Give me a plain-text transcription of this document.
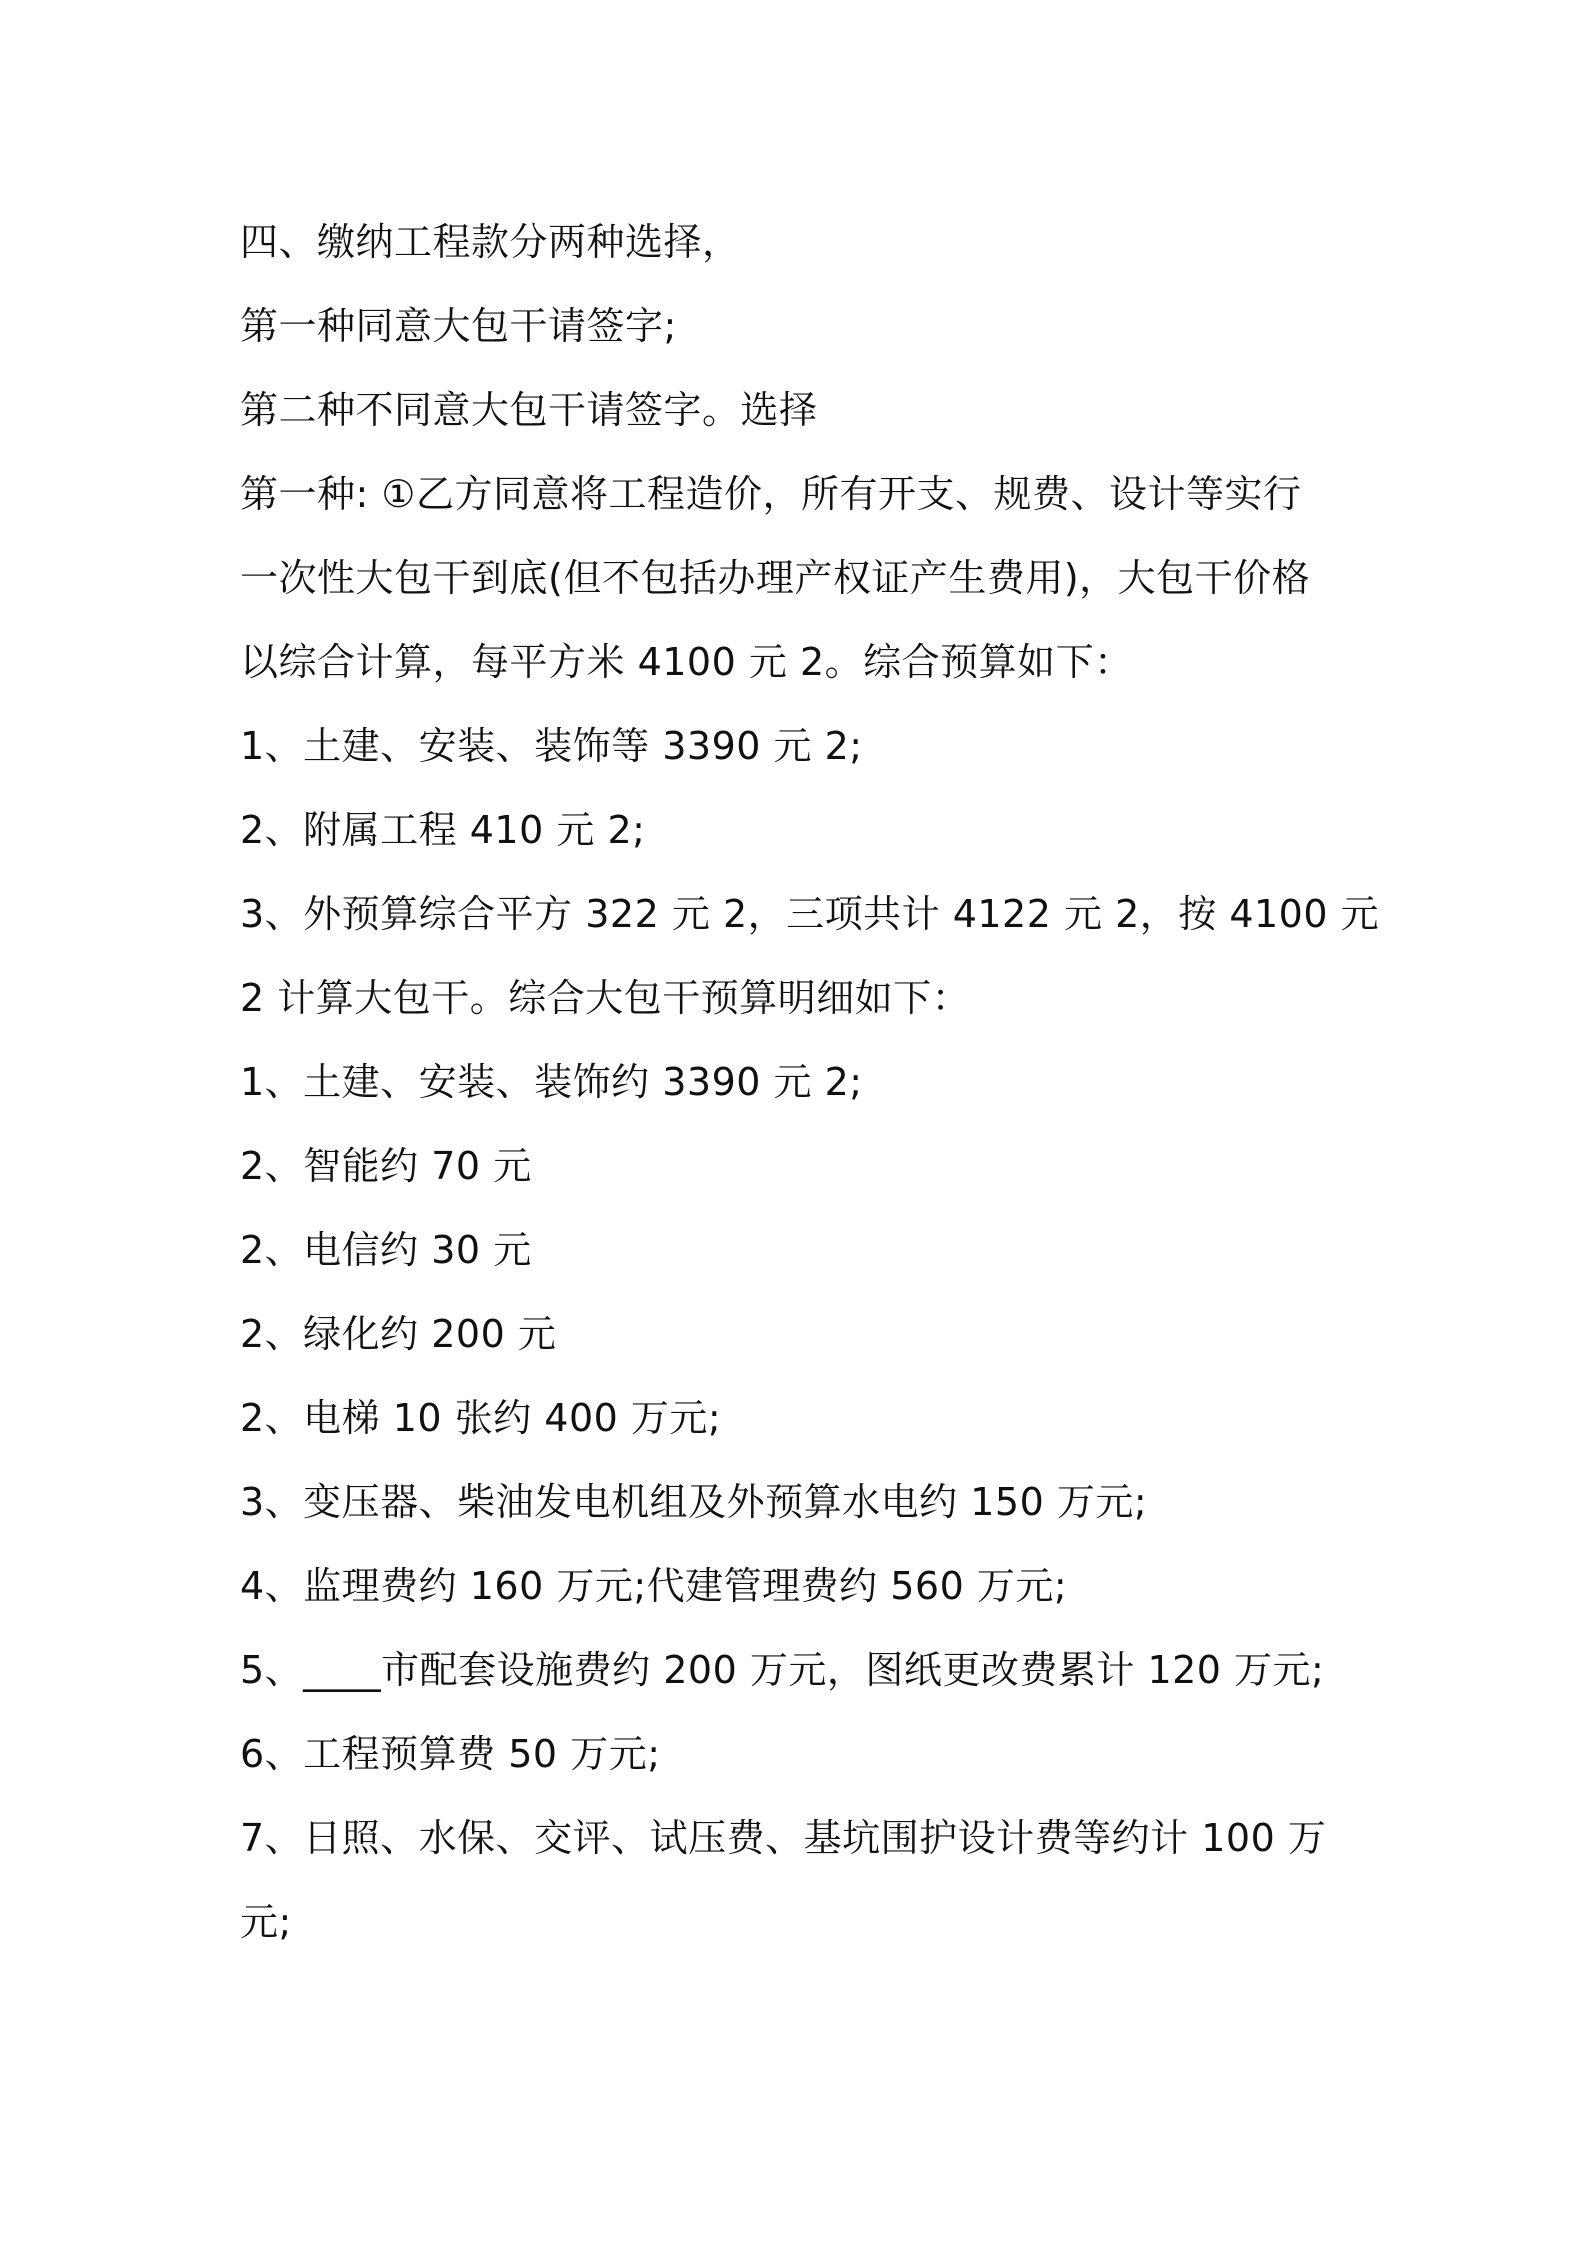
四、缴纳工程款分两种选择，
第一种同意大包干请签字;
第二种不同意大包干请签字。选择
第一种: ①乙方同意将工程造价，所有开支、规费、设计等实行
一次性大包干到底(但不包括办理产权证产生费用)，大包干价格
以综合计算，每平方米 4100 元 2。综合预算如下：
1、土建、安装、装饰等 3390 元 2;
2、附属工程 410 元 2;
3、外预算综合平方 322 元 2，三项共计 4122 元 2，按 4100 元
2 计算大包干。综合大包干预算明细如下：
1、土建、安装、装饰约 3390 元 2;
2、智能约 70 元
2、电信约 30 元
2、绿化约 200 元
2、电梯 10 张约 400 万元;
3、变压器、柴油发电机组及外预算水电约 150 万元;
4、监理费约 160 万元;代建管理费约 560 万元;
5、____市配套设施费约 200 万元，图纸更改费累计 120 万元;
6、工程预算费 50 万元;
7、日照、水保、交评、试压费、基坑围护设计费等约计 100 万
元;
